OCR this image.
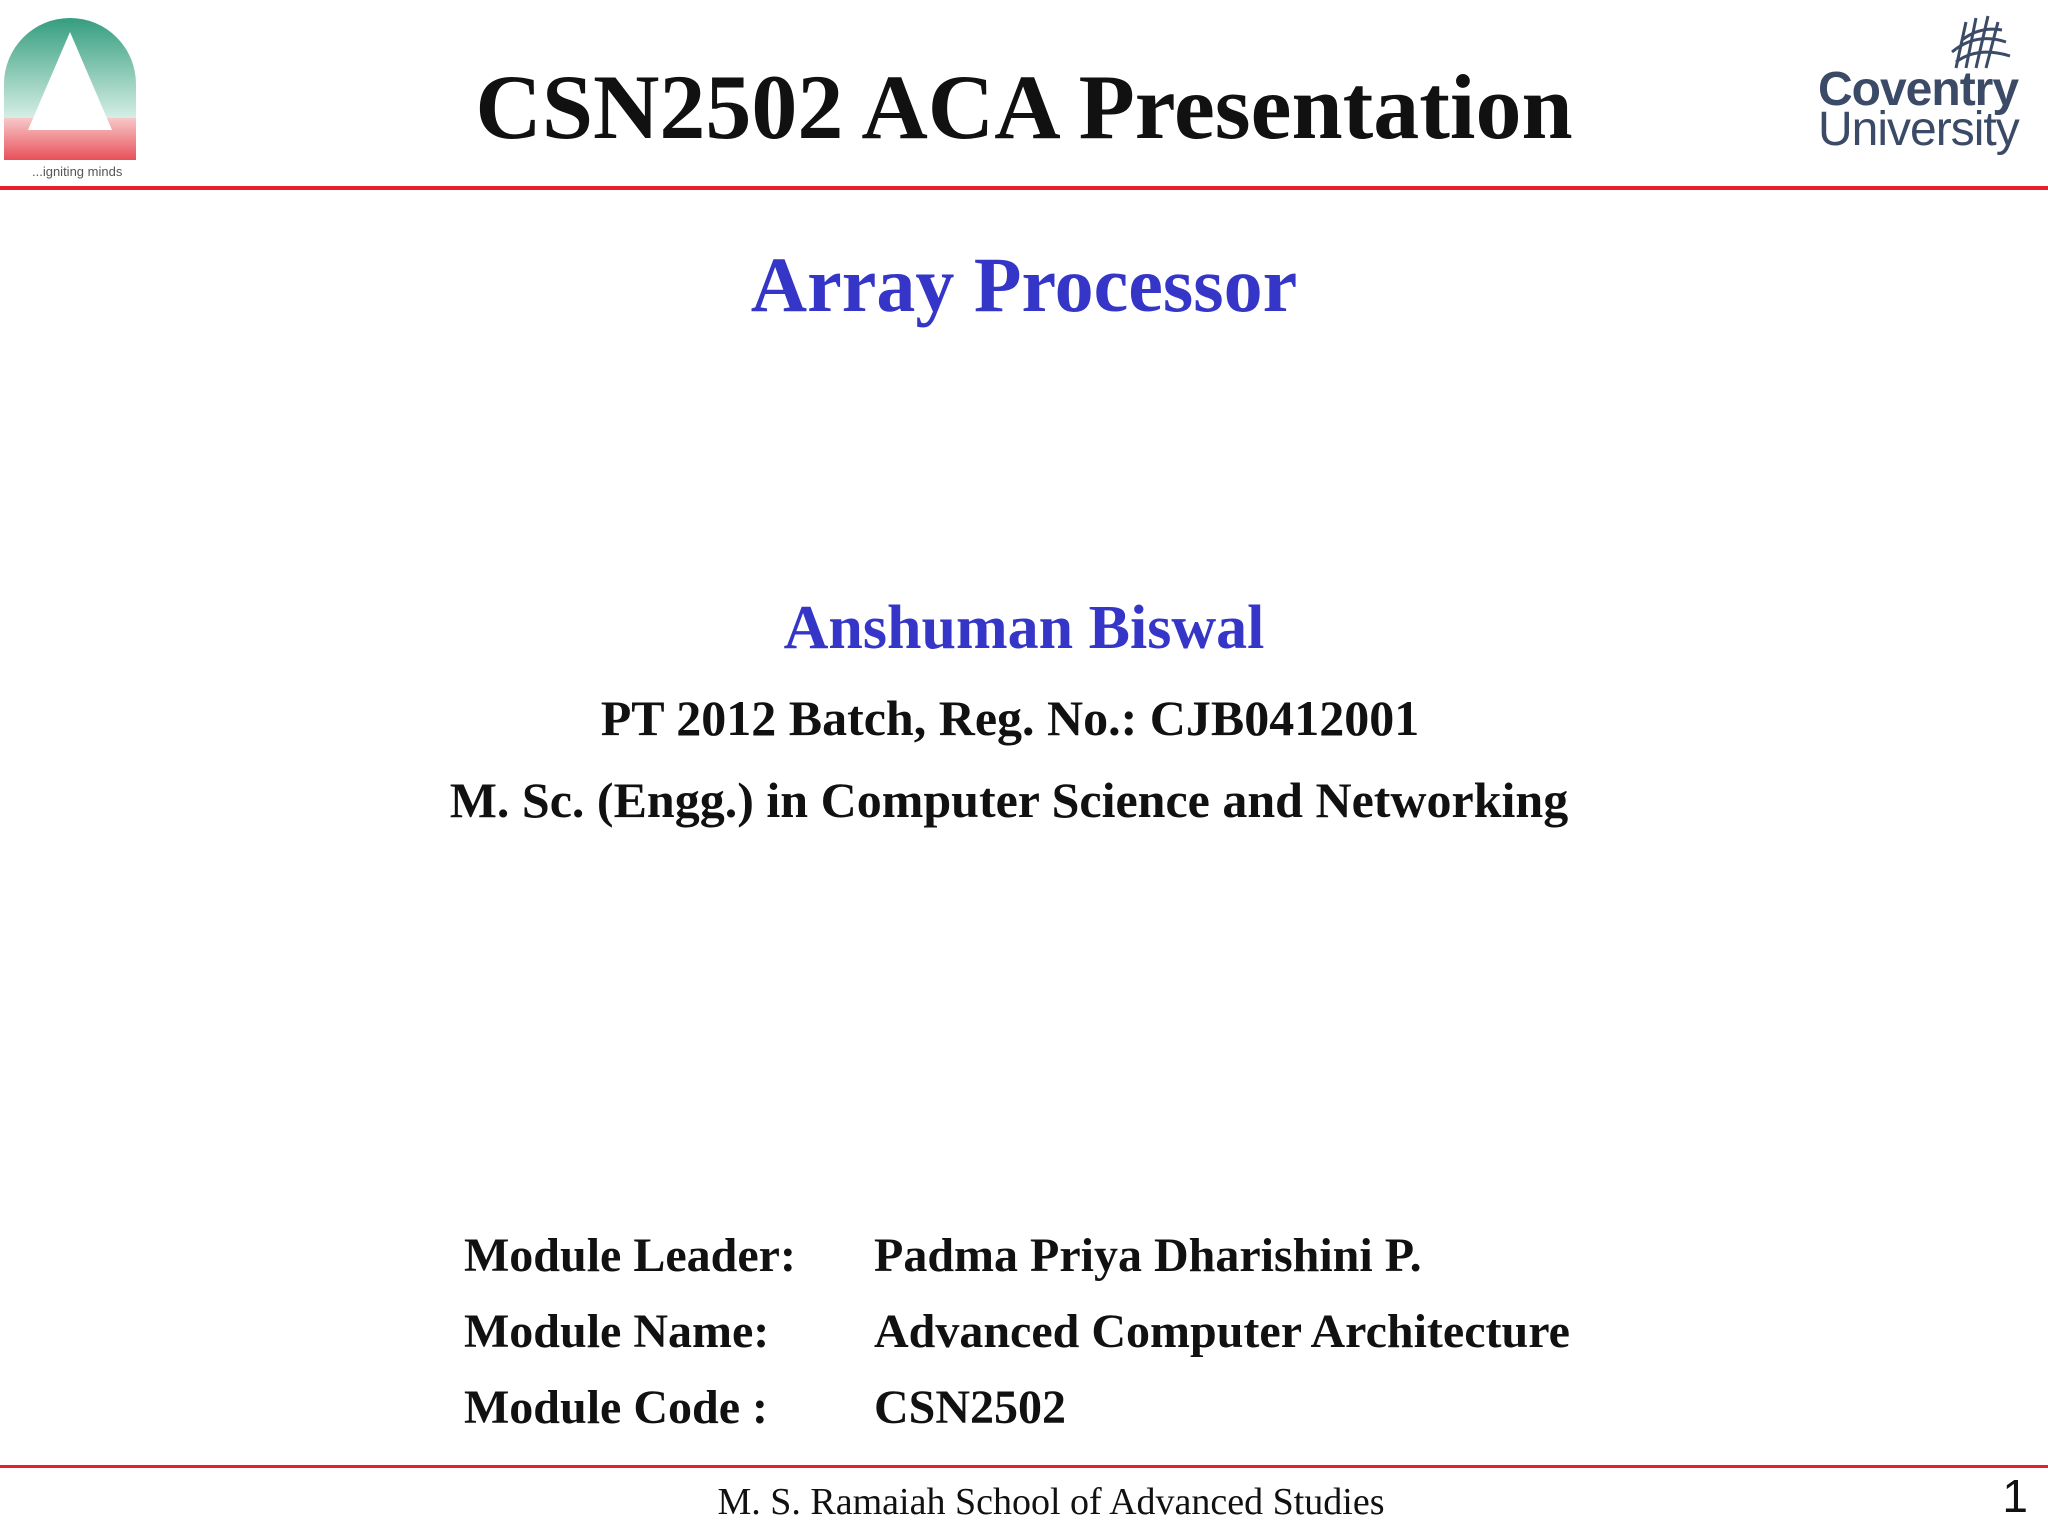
...igniting minds
CSN2502 ACA Presentation	Coventry
University
Array Processor
Anshuman Biswal
PT 2012 Batch, Reg. No.: CJB0412001
M. Sc. (Engg.) in Computer Science and Networking
Module Leader:	Padma Priya Dharishini P.
Module Name:	Advanced Computer Architecture
Module Code :	CSN2502
M. S. Ramaiah School of Advanced Studies	1
